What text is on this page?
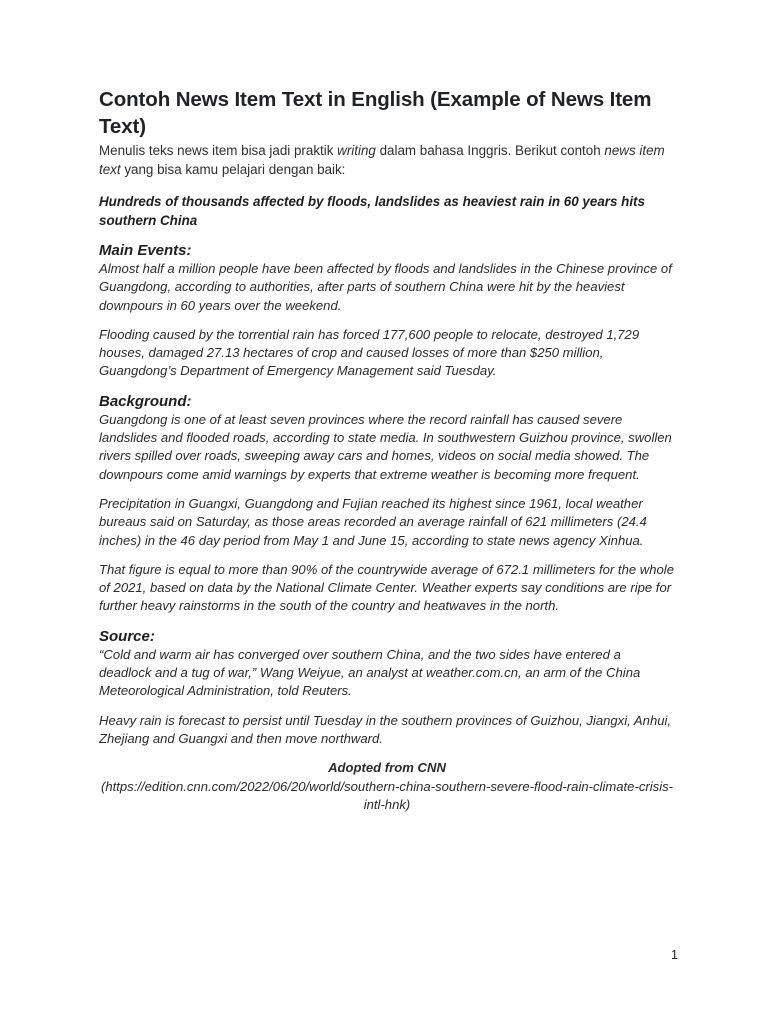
Contoh News Item Text in English (Example of News Item Text)

Menulis teks news item bisa jadi praktik writing dalam bahasa Inggris. Berikut contoh news item text yang bisa kamu pelajari dengan baik:

Hundreds of thousands affected by floods, landslides as heaviest rain in 60 years hits southern China

Main Events:

Almost half a million people have been affected by floods and landslides in the Chinese province of Guangdong, according to authorities, after parts of southern China were hit by the heaviest downpours in 60 years over the weekend.

Flooding caused by the torrential rain has forced 177,600 people to relocate, destroyed 1,729 houses, damaged 27.13 hectares of crop and caused losses of more than $250 million, Guangdong’s Department of Emergency Management said Tuesday.

Background:

Guangdong is one of at least seven provinces where the record rainfall has caused severe landslides and flooded roads, according to state media. In southwestern Guizhou province, swollen rivers spilled over roads, sweeping away cars and homes, videos on social media showed. The downpours come amid warnings by experts that extreme weather is becoming more frequent.

Precipitation in Guangxi, Guangdong and Fujian reached its highest since 1961, local weather bureaus said on Saturday, as those areas recorded an average rainfall of 621 millimeters (24.4 inches) in the 46 day period from May 1 and June 15, according to state news agency Xinhua.

That figure is equal to more than 90% of the countrywide average of 672.1 millimeters for the whole of 2021, based on data by the National Climate Center. Weather experts say conditions are ripe for further heavy rainstorms in the south of the country and heatwaves in the north.

Source:

“Cold and warm air has converged over southern China, and the two sides have entered a deadlock and a tug of war,” Wang Weiyue, an analyst at weather.com.cn, an arm of the China Meteorological Administration, told Reuters.

Heavy rain is forecast to persist until Tuesday in the southern provinces of Guizhou, Jiangxi, Anhui, Zhejiang and Guangxi and then move northward.

Adopted from CNN
(https://edition.cnn.com/2022/06/20/world/southern-china-southern-severe-flood-rain-climate-crisis-intl-hnk)
1
